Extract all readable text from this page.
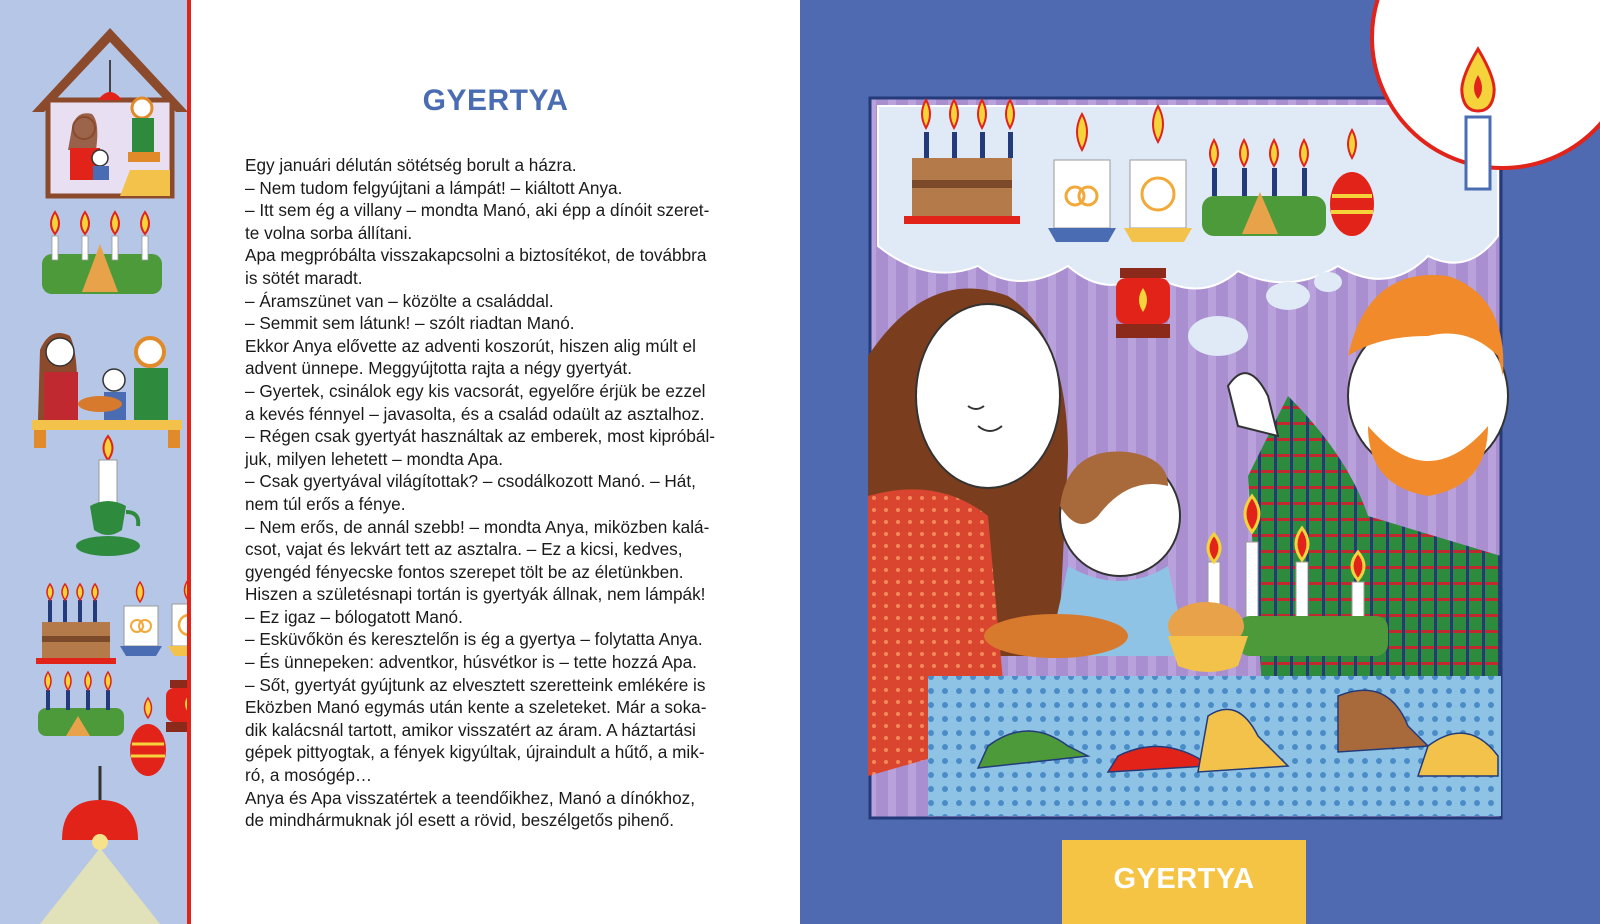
GYERTYA
Egy januári délután sötétség borult a házra.
– Nem tudom felgyújtani a lámpát! – kiáltott Anya.
– Itt sem ég a villany – mondta Manó, aki épp a dínóit szeret-
te volna sorba állítani.
Apa megpróbálta visszakapcsolni a biztosítékot, de továbbra
is sötét maradt.
– Áramszünet van – közölte a családdal.
– Semmit sem látunk! – szólt riadtan Manó.
Ekkor Anya elővette az adventi koszorút, hiszen alig múlt el
advent ünnepe. Meggyújtotta rajta a négy gyertyát.
– Gyertek, csinálok egy kis vacsorát, egyelőre érjük be ezzel
a kevés fénnyel – javasolta, és a család odaült az asztalhoz.
– Régen csak gyertyát használtak az emberek, most kipróbál-
juk, milyen lehetett – mondta Apa.
– Csak gyertyával világítottak? – csodálkozott Manó. – Hát,
nem túl erős a fénye.
– Nem erős, de annál szebb! – mondta Anya, miközben kalá-
csot, vajat és lekvárt tett az asztalra. – Ez a kicsi, kedves,
gyengéd fényecske fontos szerepet tölt be az életünkben.
Hiszen a születésnapi tortán is gyertyák állnak, nem lámpák!
– Ez igaz – bólogatott Manó.
– Esküvőkön és keresztelőn is ég a gyertya – folytatta Anya.
– És ünnepeken: adventkor, húsvétkor is – tette hozzá Apa.
– Sőt, gyertyát gyújtunk az elvesztett szeretteink emlékére is
Eközben Manó egymás után kente a szeleteket. Már a soka-
dik kalácsnál tartott, amikor visszatért az áram. A háztartási
gépek pittyogtak, a fények kigyúltak, újraindult a hűtő, a mik-
ró, a mosógép…
Anya és Apa visszatértek a teendőikhez, Manó a dínókhoz,
de mindhármuknak jól esett a rövid, beszélgetős pihenő.
GYERTYA
